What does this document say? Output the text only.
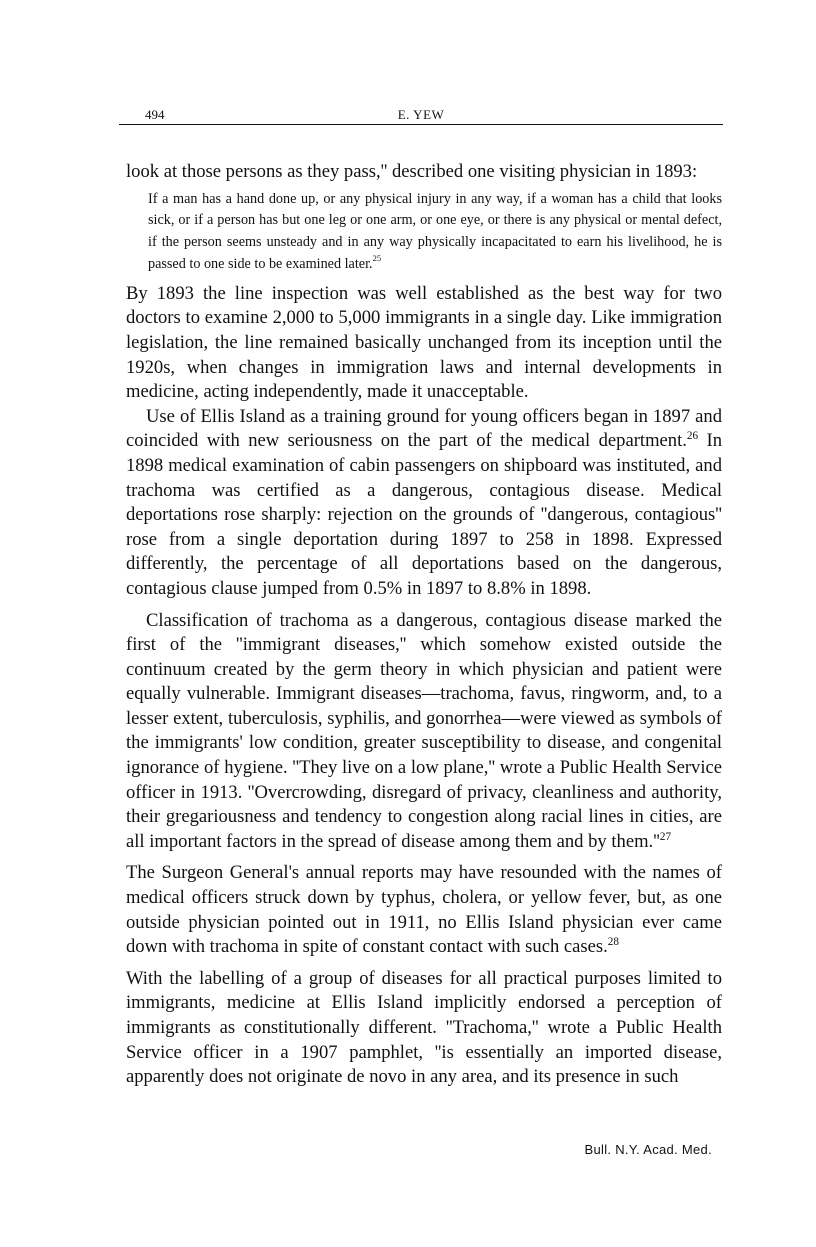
494	E. YEW

look at those persons as they pass,'' described one visiting physician in 1893:

If a man has a hand done up, or any physical injury in any way, if a woman has a child that looks sick, or if a person has but one leg or one arm, or one eye, or there is any physical or mental defect, if the person seems unsteady and in any way physically incapacitated to earn his livelihood, he is passed to one side to be examined later.$^{25}$

By 1893 the line inspection was well established as the best way for two doctors to examine 2,000 to 5,000 immigrants in a single day. Like immigration legislation, the line remained basically unchanged from its inception until the 1920s, when changes in immigration laws and internal developments in medicine, acting independently, made it unacceptable.

Use of Ellis Island as a training ground for young officers began in 1897 and coincided with new seriousness on the part of the medical department.$^{26}$ In 1898 medical examination of cabin passengers on shipboard was instituted, and trachoma was certified as a dangerous, contagious disease. Medical deportations rose sharply: rejection on the grounds of ''dangerous, contagious'' rose from a single deportation during 1897 to 258 in 1898. Expressed differently, the percentage of all deportations based on the dangerous, contagious clause jumped from 0.5% in 1897 to 8.8% in 1898.

Classification of trachoma as a dangerous, contagious disease marked the first of the ''immigrant diseases,'' which somehow existed outside the continuum created by the germ theory in which physician and patient were equally vulnerable. Immigrant diseases—trachoma, favus, ringworm, and, to a lesser extent, tuberculosis, syphilis, and gonorrhea—were viewed as symbols of the immigrants' low condition, greater susceptibility to disease, and congenital ignorance of hygiene. ''They live on a low plane,'' wrote a Public Health Service officer in 1913. ''Overcrowding, disregard of privacy, cleanliness and authority, their gregariousness and tendency to congestion along racial lines in cities, are all important factors in the spread of disease among them and by $them.''^{27}$

The Surgeon General's annual reports may have resounded with the names of medical officers struck down by typhus, cholera, or yellow fever, but, as one outside physician pointed out in 1911, no Ellis Island physician ever came down with trachoma in spite of constant contact with such cases.$^{28}$

With the labelling of a group of diseases for all practical purposes limited to immigrants, medicine at Ellis Island implicitly endorsed a perception of immigrants as constitutionally different. ''Trachoma,'' wrote a Public Health Service officer in a 1907 pamphlet, ''is essentially an imported disease, apparently does not originate de novo in any area, and its presence in such

Bull. N.Y. Acad. Med.
